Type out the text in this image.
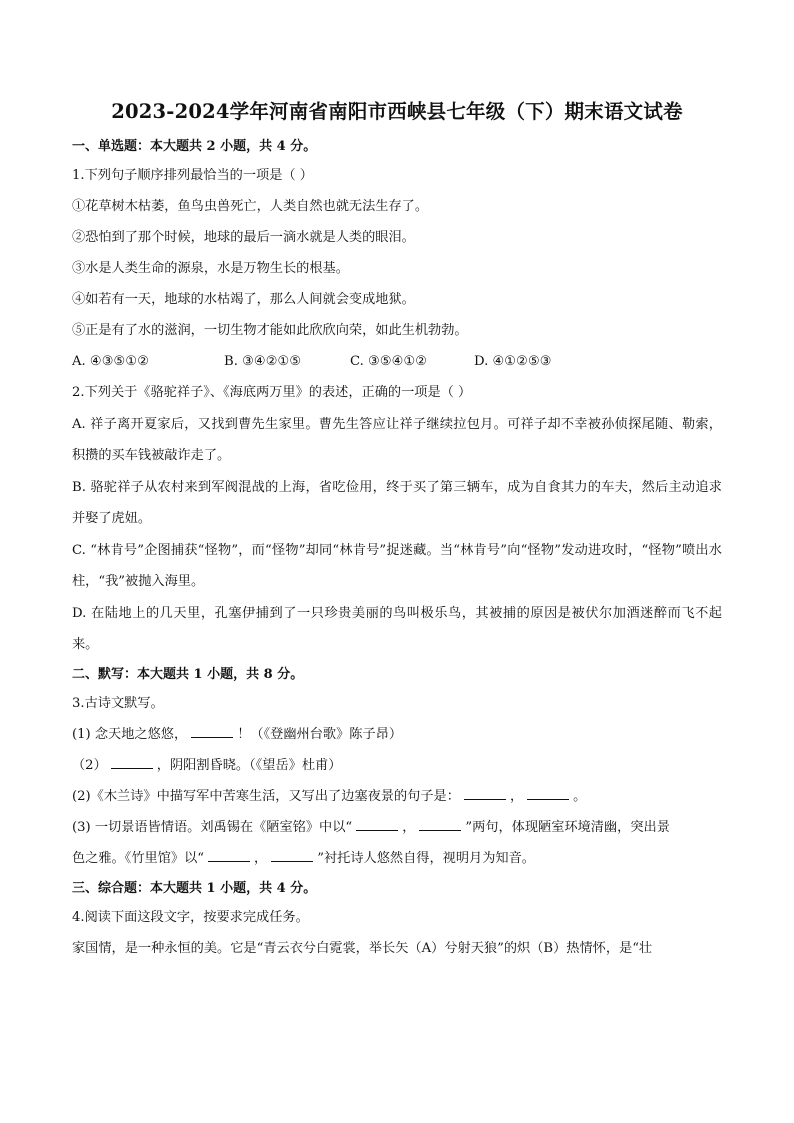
2023-2024学年河南省南阳市西峡县七年级（下）期末语文试卷
一、单选题：本大题共 2 小题，共 4 分。
1.下列句子顺序排列最恰当的一项是（ ）
①花草树木枯萎，鱼鸟虫兽死亡，人类自然也就无法生存了。
②恐怕到了那个时候，地球的最后一滴水就是人类的眼泪。
③水是人类生命的源泉，水是万物生长的根基。
④如若有一天，地球的水枯竭了，那么人间就会变成地狱。
⑤正是有了水的滋润，一切生物才能如此欣欣向荣，如此生机勃勃。
A. ④③⑤①②	B. ③④②①⑤	C. ③⑤④①②	D. ④①②⑤③
2.下列关于《骆驼祥子》、《海底两万里》的表述，正确的一项是（ ）
A. 祥子离开夏家后，又找到曹先生家里。曹先生答应让祥子继续拉包月。可祥子却不幸被孙侦探尾随、勒索，积攒的买车钱被敲诈走了。
B. 骆驼祥子从农村来到军阀混战的上海，省吃俭用，终于买了第三辆车，成为自食其力的车夫，然后主动追求并娶了虎妞。
C. “林肯号”企图捕获“怪物”，而“怪物”却同“林肯号”捉迷藏。当“林肯号”向“怪物”发动进攻时，“怪物”喷出水柱，“我”被抛入海里。
D. 在陆地上的几天里，孔塞伊捕到了一只珍贵美丽的鸟叫极乐鸟，其被捕的原因是被伏尔加酒迷醉而飞不起来。
二、默写：本大题共 1 小题，共 8 分。
3.古诗文默写。
(1) 念天地之悠悠，	！（《登幽州台歌》陈子昂）
（2）	，阴阳割昏晓。（《望岳》杜甫）
(2)《木兰诗》中描写军中苦寒生活，又写出了边塞夜景的句子是：	，	。
(3) 一切景语皆情语。刘禹锡在《陋室铭》中以“	，	”两句，体现陋室环境清幽，突出景
色之雅。《竹里馆》以“	，	”衬托诗人悠然自得，视明月为知音。
三、综合题：本大题共 1 小题，共 4 分。
4.阅读下面这段文字，按要求完成任务。
家国情，是一种永恒的美。它是“青云衣兮白霓裳，举长矢（A）兮射天狼”的炽（B）热情怀，是“壮
